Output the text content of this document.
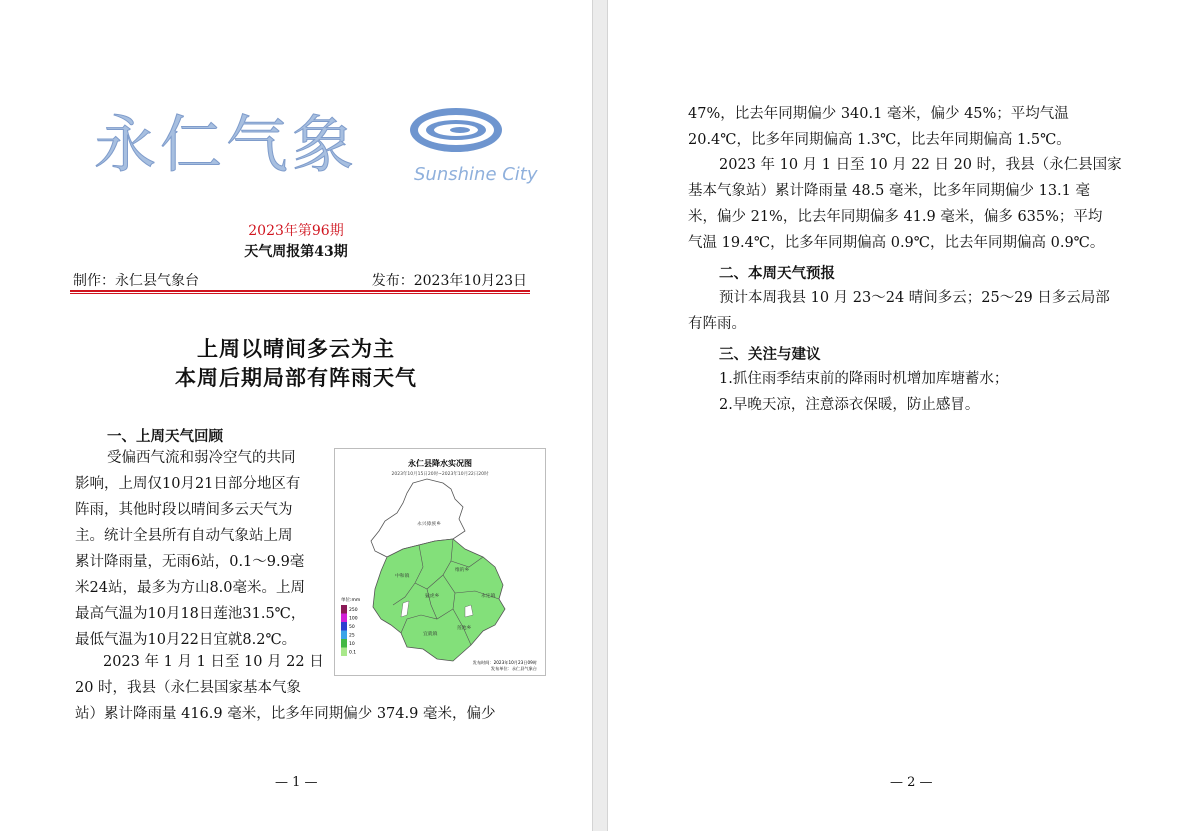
永仁气象	Sunshine City
2023年第96期
天气周报第43期
制作：永仁县气象台	发布：2023年10月23日
上周以晴间多云为主
本周后期局部有阵雨天气
一、上周天气回顾
受偏西气流和弱冷空气的共同
影响，上周仅10月21日部分地区有
阵雨，其他时段以晴间多云天气为
主。统计全县所有自动气象站上周
累计降雨量，无雨6站，0.1～9.9毫
米24站，最多为方山8.0毫米。上周
最高气温为10月18日莲池31.5℃，
最低气温为10月22日宜就8.2℃。
2023 年 1 月 1 日至 10 月 22 日
20 时，我县（永仁县国家基本气象
站）累计降雨量 416.9 毫米，比多年同期偏少 374.9 毫米，偏少
永仁县降水实况图
2023年10月15日20时~2023年10月22日20时
永兴傣族乡
中和镇
猛虎乡
维的乡
永定镇
宜就镇
莲池乡
单位:mm
250
100
50
25
10
0.1
发布时间：2023年10月23日09时
发布单位：永仁县气象台
— 1 —
47%，比去年同期偏少 340.1 毫米，偏少 45%；平均气温
20.4℃，比多年同期偏高 1.3℃，比去年同期偏高 1.5℃。
2023 年 10 月 1 日至 10 月 22 日 20 时，我县（永仁县国家
基本气象站）累计降雨量 48.5 毫米，比多年同期偏少 13.1 毫
米，偏少 21%，比去年同期偏多 41.9 毫米，偏多 635%；平均
气温 19.4℃，比多年同期偏高 0.9℃，比去年同期偏高 0.9℃。
二、本周天气预报
预计本周我县 10 月 23～24 晴间多云；25～29 日多云局部
有阵雨。
三、关注与建议
1.抓住雨季结束前的降雨时机增加库塘蓄水；
2.早晚天凉，注意添衣保暖，防止感冒。
— 2 —
